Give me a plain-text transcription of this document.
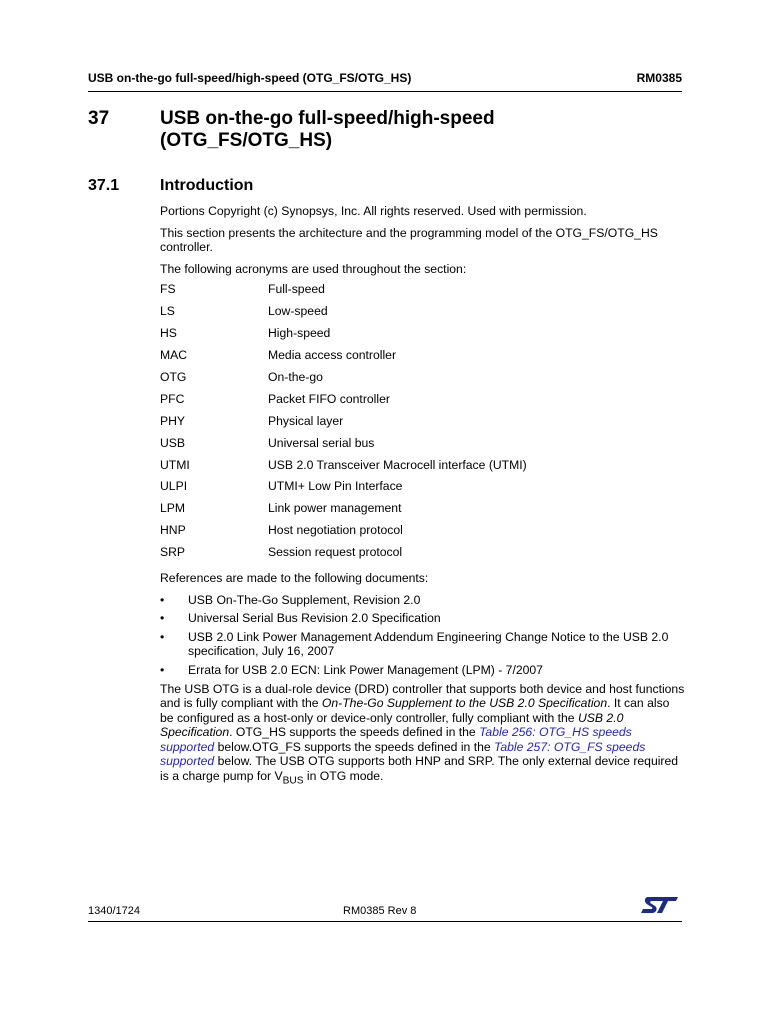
USB on-the-go full-speed/high-speed (OTG_FS/OTG_HS)	RM0385
37	USB on-the-go full-speed/high-speed
(OTG_FS/OTG_HS)
37.1	Introduction

Portions Copyright (c) Synopsys, Inc. All rights reserved. Used with permission.

This section presents the architecture and the programming model of the OTG_FS/OTG_HS controller.

The following acronyms are used throughout the section:

FS	Full-speed
LS	Low-speed
HS	High-speed
MAC	Media access controller
OTG	On-the-go
PFC	Packet FIFO controller
PHY	Physical layer
USB	Universal serial bus
UTMI	USB 2.0 Transceiver Macrocell interface (UTMI)
ULPI	UTMI+ Low Pin Interface
LPM	Link power management
HNP	Host negotiation protocol
SRP	Session request protocol

References are made to the following documents:

• USB On-The-Go Supplement, Revision 2.0
• Universal Serial Bus Revision 2.0 Specification
• USB 2.0 Link Power Management Addendum Engineering Change Notice to the USB 2.0 specification, July 16, 2007
• Errata for USB 2.0 ECN: Link Power Management (LPM) - 7/2007

The USB OTG is a dual-role device (DRD) controller that supports both device and host functions and is fully compliant with the On-The-Go Supplement to the USB 2.0 Specification. It can also be configured as a host-only or device-only controller, fully compliant with the USB 2.0 Specification. OTG_HS supports the speeds defined in the Table 256: OTG_HS speeds supported below.OTG_FS supports the speeds defined in the Table 257: OTG_FS speeds supported below. The USB OTG supports both HNP and SRP. The only external device required is a charge pump for $V_{BUS}$ in OTG mode.

1340/1724	RM0385 Rev 8
